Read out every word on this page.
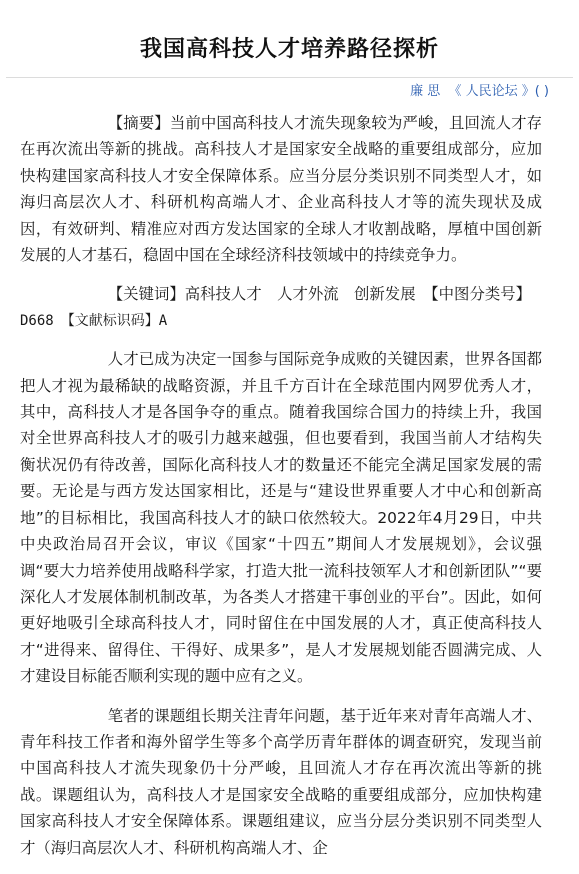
我国高科技人才培养路径探析
廉 思 《 人民论坛 》( )

【摘要】当前中国高科技人才流失现象较为严峻，且回流人才存在再次流出等新的挑战。高科技人才是国家安全战略的重要组成部分，应加快构建国家高科技人才安全保障体系。应当分层分类识别不同类型人才，如海归高层次人才、科研机构高端人才、企业高科技人才等的流失现状及成因，有效研判、精准应对西方发达国家的全球人才收割战略，厚植中国创新发展的人才基石，稳固中国在全球经济科技领域中的持续竞争力。

【关键词】高科技人才　人才外流　创新发展　【中图分类号】

D668　【文献标识码】A

人才已成为决定一国参与国际竞争成败的关键因素，世界各国都把人才视为最稀缺的战略资源，并且千方百计在全球范围内网罗优秀人才，其中，高科技人才是各国争夺的重点。随着我国综合国力的持续上升，我国对全世界高科技人才的吸引力越来越强，但也要看到，我国当前人才结构失衡状况仍有待改善，国际化高科技人才的数量还不能完全满足国家发展的需要。无论是与西方发达国家相比，还是与“建设世界重要人才中心和创新高地”的目标相比，我国高科技人才的缺口依然较大。2022年4月29日，中共中央政治局召开会议，审议《国家“十四五”期间人才发展规划》，会议强调“要大力培养使用战略科学家，打造大批一流科技领军人才和创新团队”“要深化人才发展体制机制改革，为各类人才搭建干事创业的平台”。因此，如何更好地吸引全球高科技人才，同时留住在中国发展的人才，真正使高科技人才“进得来、留得住、干得好、成果多”，是人才发展规划能否圆满完成、人才建设目标能否顺利实现的题中应有之义。

笔者的课题组长期关注青年问题，基于近年来对青年高端人才、青年科技工作者和海外留学生等多个高学历青年群体的调查研究，发现当前中国高科技人才流失现象仍十分严峻，且回流人才存在再次流出等新的挑战。课题组认为，高科技人才是国家安全战略的重要组成部分，应加快构建国家高科技人才安全保障体系。课题组建议，应当分层分类识别不同类型人才（海归高层次人才、科研机构高端人才、企
